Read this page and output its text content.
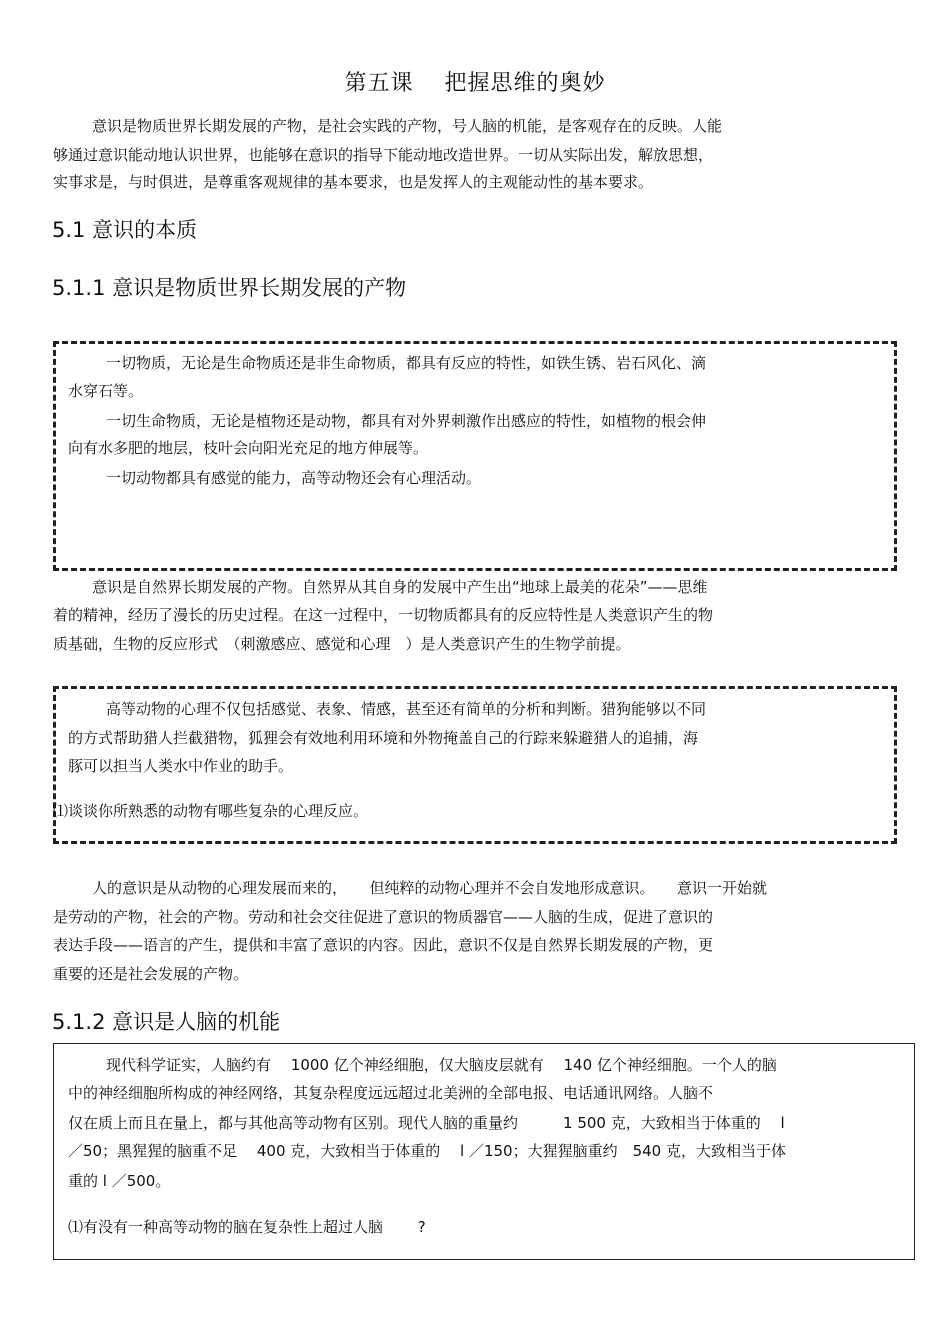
第五课　 把握思维的奥妙
意识是物质世界长期发展的产物，是社会实践的产物，号人脑的机能，是客观存在的反映。人能
够通过意识能动地认识世界，也能够在意识的指导下能动地改造世界。一切从实际出发，解放思想，
实事求是，与时俱进，是尊重客观规律的基本要求，也是发挥人的主观能动性的基本要求。
5.1 意识的本质
5.1.1 意识是物质世界长期发展的产物
一切物质，无论是生命物质还是非生命物质，都具有反应的特性，如铁生锈、岩石风化、滴
水穿石等。
一切生命物质，无论是植物还是动物，都具有对外界刺激作出感应的特性，如植物的根会伸
向有水多肥的地层，枝叶会向阳光充足的地方伸展等。
一切动物都具有感觉的能力，高等动物还会有心理活动。
意识是自然界长期发展的产物。自然界从其自身的发展中产生出“地球上最美的花朵”——思维
着的精神，经历了漫长的历史过程。在这一过程中，一切物质都具有的反应特性是人类意识产生的物
质基础，生物的反应形式　（刺激感应、感觉和心理　）是人类意识产生的生物学前提。
高等动物的心理不仅包括感觉、表象、情感，甚至还有简单的分析和判断。猎狗能够以不同
的方式帮助猎人拦截猎物，狐狸会有效地利用环境和外物掩盖自己的行踪来躲避猎人的追捕，海
豚可以担当人类水中作业的助手。
⑴谈谈你所熟悉的动物有哪些复杂的心理反应。
人的意识是从动物的心理发展而来的，　　但纯粹的动物心理并不会自发地形成意识。　　意识一开始就
是劳动的产物，社会的产物。劳动和社会交往促进了意识的物质器官——人脑的生成，促进了意识的
表达手段——语言的产生，提供和丰富了意识的内容。因此，意识不仅是自然界长期发展的产物，更
重要的还是社会发展的产物。
5.1.2 意识是人脑的机能
现代科学证实，人脑约有　 1000 亿个神经细胞，仅大脑皮层就有　 140 亿个神经细胞。一个人的脑
中的神经细胞所构成的神经网络，其复杂程度远远超过北美洲的全部电报、电话通讯网络。人脑不
仅在质上而且在量上，都与其他高等动物有区别。现代人脑的重量约　　　1 500 克，大致相当于体重的　 l
／50；黑猩猩的脑重不足　 400 克，大致相当于体重的　 l ／150；大猩猩脑重约　540 克，大致相当于体
重的 l ／500。
⑴有没有一种高等动物的脑在复杂性上超过人脑　　 ?
